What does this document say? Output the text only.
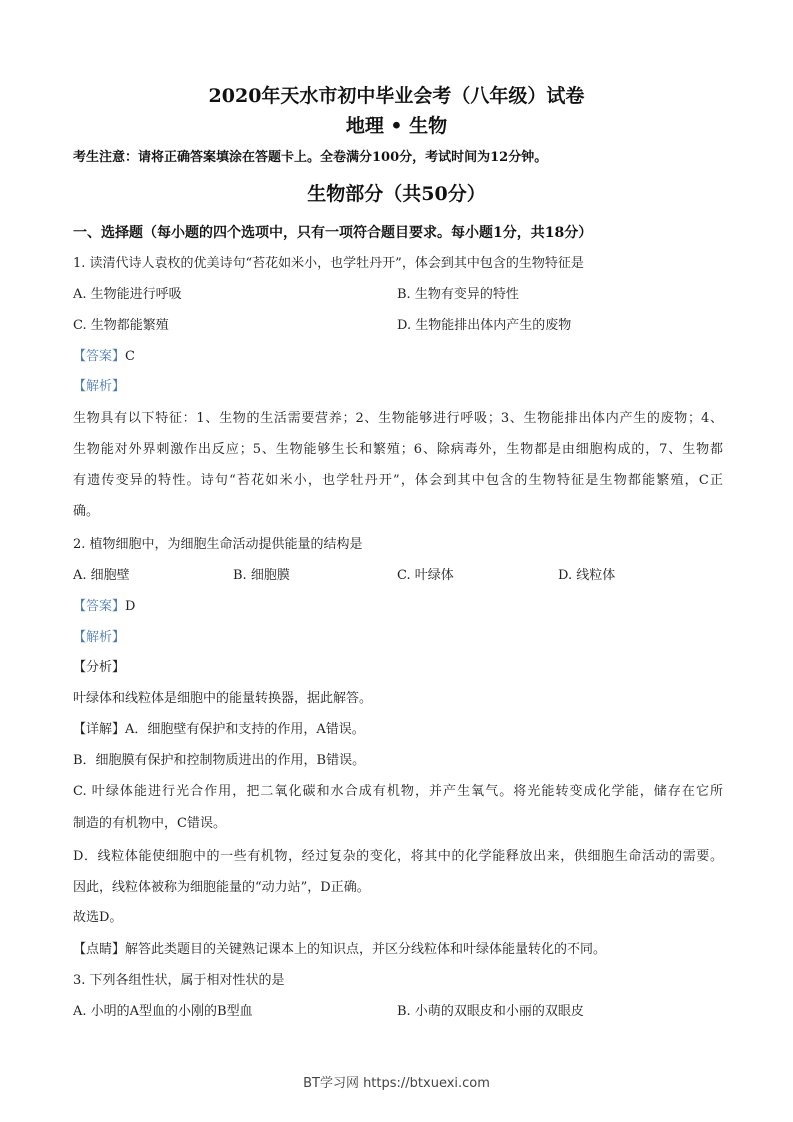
2020年天水市初中毕业会考（八年级）试卷
地理 • 生物
考生注意：请将正确答案填涂在答题卡上。全卷满分100分，考试时间为12分钟。
生物部分（共50分）
一、选择题（每小题的四个选项中，只有一项符合题目要求。每小题1分，共18分）
1. 读清代诗人袁枚的优美诗句“苔花如米小，也学牡丹开”，体会到其中包含的生物特征是
A. 生物能进行呼吸	B. 生物有变异的特性
C. 生物都能繁殖	D. 生物能排出体内产生的废物
【答案】C
【解析】
生物具有以下特征：1、生物的生活需要营养；2、生物能够进行呼吸；3、生物能排出体内产生的废物；4、
生物能对外界刺激作出反应；5、生物能够生长和繁殖；6、除病毒外，生物都是由细胞构成的，7、生物都
有遗传变异的特性。诗句“苔花如米小，也学牡丹开”，体会到其中包含的生物特征是生物都能繁殖，C正
确。
2. 植物细胞中，为细胞生命活动提供能量的结构是
A. 细胞壁	B. 细胞膜	C. 叶绿体	D. 线粒体
【答案】D
【解析】
【分析】
叶绿体和线粒体是细胞中的能量转换器，据此解答。
【详解】A．细胞壁有保护和支持的作用，A错误。
B．细胞膜有保护和控制物质进出的作用，B错误。
C. 叶绿体能进行光合作用，把二氧化碳和水合成有机物，并产生氧气。将光能转变成化学能，储存在它所
制造的有机物中，C错误。
D．线粒体能使细胞中的一些有机物，经过复杂的变化，将其中的化学能释放出来，供细胞生命活动的需要。
因此，线粒体被称为细胞能量的“动力站”，D正确。
故选D。
【点睛】解答此类题目的关键熟记课本上的知识点，并区分线粒体和叶绿体能量转化的不同。
3. 下列各组性状，属于相对性状的是
A. 小明的A型血的小刚的B型血	B. 小萌的双眼皮和小丽的双眼皮
BT学习网 https://btxuexi.com
